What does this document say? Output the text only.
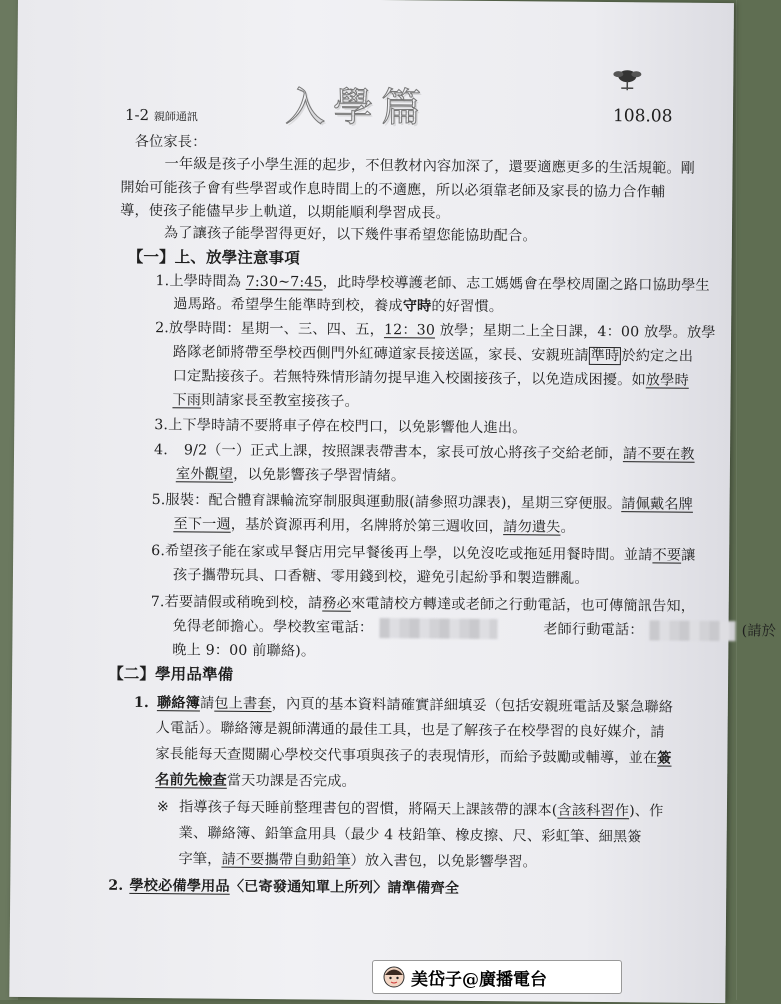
1-2 親師通訊 入學篇	108.08
各位家長：
一年級是孩子小學生涯的起步，不但教材內容加深了，還要適應更多的生活規範。剛
開始可能孩子會有些學習或作息時間上的不適應，所以必須靠老師及家長的協力合作輔
導，使孩子能儘早步上軌道，以期能順利學習成長。
為了讓孩子能學習得更好，以下幾件事希望您能協助配合。
【一】上、放學注意事項
1.上學時間為 7:30~7:45，此時學校導護老師、志工媽媽會在學校周圍之路口協助學生
過馬路。希望學生能準時到校，養成守時的好習慣。
2.放學時間：星期一、三、四、五，12：30 放學；星期二上全日課，4：00 放學。放學
路隊老師將帶至學校西側門外紅磚道家長接送區，家長、安親班請 準時 於約定之出
口定點接孩子。若無特殊情形請勿提早進入校園接孩子，以免造成困擾。如放學時
下雨則請家長至教室接孩子。
3.上下學時請不要將車子停在校門口，以免影響他人進出。
4. 9/2（一）正式上課，按照課表帶書本，家長可放心將孩子交給老師，請不要在教
室外觀望，以免影響孩子學習情緒。
5.服裝：配合體育課輪流穿制服與運動服(請參照功課表)，星期三穿便服。請佩戴名牌
至下一週，基於資源再利用，名牌將於第三週收回，請勿遺失。
6.希望孩子能在家或早餐店用完早餐後再上學，以免沒吃或拖延用餐時間。並請不要讓
孩子攜帶玩具、口香糖、零用錢到校，避免引起紛爭和製造髒亂。
7.若要請假或稍晚到校，請務必來電請校方轉達或老師之行動電話，也可傳簡訊告知，
免得老師擔心。學校教室電話：	老師行動電話：	(請於
晚上 9：00 前聯絡)。
【二】學用品準備
1. 聯絡簿請包上書套，內頁的基本資料請確實詳細填妥（包括安親班電話及緊急聯絡
人電話）。聯絡簿是親師溝通的最佳工具，也是了解孩子在校學習的良好媒介，請
家長能每天查閱關心學校交代事項與孩子的表現情形，而給予鼓勵或輔導，並在簽
名前先檢查當天功課是否完成。
※ 指導孩子每天睡前整理書包的習慣，將隔天上課該帶的課本(含該科習作)、作
業、聯絡簿、鉛筆盒用具（最少 4 枝鉛筆、橡皮擦、尺、彩虹筆、細黑簽
字筆，請不要攜帶自動鉛筆）放入書包，以免影響學習。
2. 學校必備學用品〈已寄發通知單上所列〉請準備齊全
美岱子@廣播電台
